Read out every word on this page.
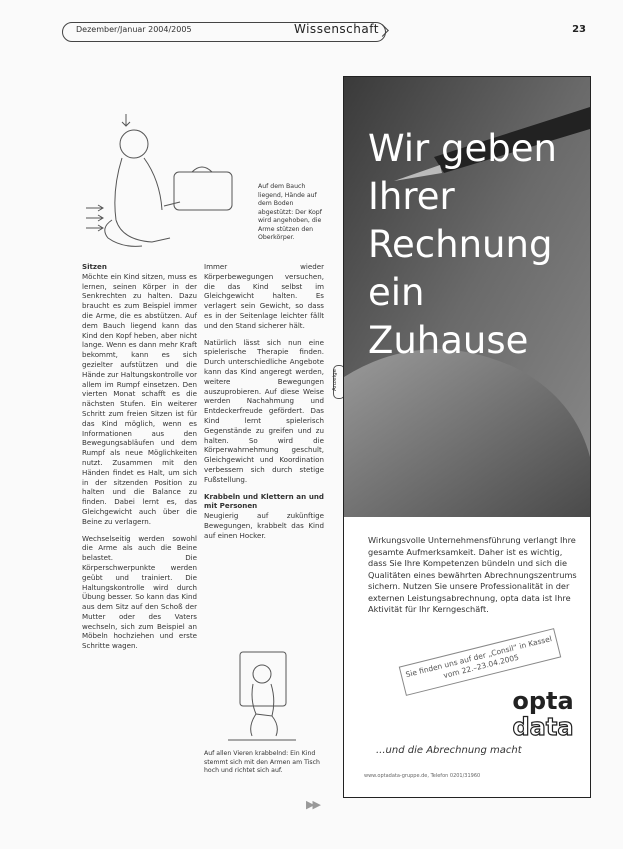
Dezember/Januar 2004/2005	Wissenschaft	23
Auf dem Bauch liegend, Hände auf dem Boden abgestützt: Der Kopf wird angehoben, die Arme stützen den Oberkörper.

Sitzen

Möchte ein Kind sitzen, muss es lernen, seinen Körper in der Senkrechten zu halten. Dazu braucht es zum Beispiel immer die Arme, die es abstützen. Auf dem Bauch liegend kann das Kind den Kopf heben, aber nicht lange. Wenn es dann mehr Kraft bekommt, kann es sich gezielter aufstützen und die Hände zur Haltungskontrolle vor allem im Rumpf einsetzen. Den vierten Monat schafft es die nächsten Stufen. Ein weiterer Schritt zum freien Sitzen ist für das Kind möglich, wenn es Informationen aus den Bewegungsabläufen und dem Rumpf als neue Möglichkeiten nutzt. Zusammen mit den Händen findet es Halt, um sich in der sitzenden Position zu halten und die Balance zu finden. Dabei lernt es, das Gleichgewicht auch über die Beine zu verlagern.

Wechselseitig werden sowohl die Arme als auch die Beine belastet. Die Körperschwerpunkte werden geübt und trainiert. Die Haltungskontrolle wird durch Übung besser. So kann das Kind aus dem Sitz auf den Schoß der Mutter oder des Vaters wechseln, sich zum Beispiel an Möbeln hochziehen und erste Schritte wagen.

Immer wieder Körperbewegungen versuchen, die das Kind selbst im Gleichgewicht halten. Es verlagert sein Gewicht, so dass es in der Seitenlage leichter fällt und den Stand sicherer hält.

Natürlich lässt sich nun eine spielerische Therapie finden. Durch unterschiedliche Angebote kann das Kind angeregt werden, weitere Bewegungen auszuprobieren. Auf diese Weise werden Nachahmung und Entdeckerfreude gefördert. Das Kind lernt spielerisch Gegenstände zu greifen und zu halten. So wird die Körperwahrnehmung geschult, Gleichgewicht und Koordination verbessern sich durch stetige Fußstellung.

Krabbeln und Klettern an und mit Personen

Neugierig auf zukünftige Bewegungen, krabbelt das Kind auf einen Hocker.

Auf allen Vieren krabbelnd: Ein Kind stemmt sich mit den Armen am Tisch hoch und richtet sich auf.
Anzeige
Wir geben
Ihrer
Rechnung
ein Zuhause
Wirkungsvolle Unternehmensführung verlangt Ihre gesamte Aufmerksamkeit. Daher ist es wichtig, dass Sie Ihre Kompetenzen bündeln und sich die Qualitäten eines bewährten Abrechnungszentrums sichern. Nutzen Sie unsere Professionalität in der externen Leistungsabrechnung, opta data ist Ihre Aktivität für Ihr Kerngeschäft.
Sie finden uns auf der „Consil“ in Kassel vom 22.–23.04.2005
opta
data
...und die Abrechnung macht
www.optadata-gruppe.de, Telefon 0201/31960
▶▶
